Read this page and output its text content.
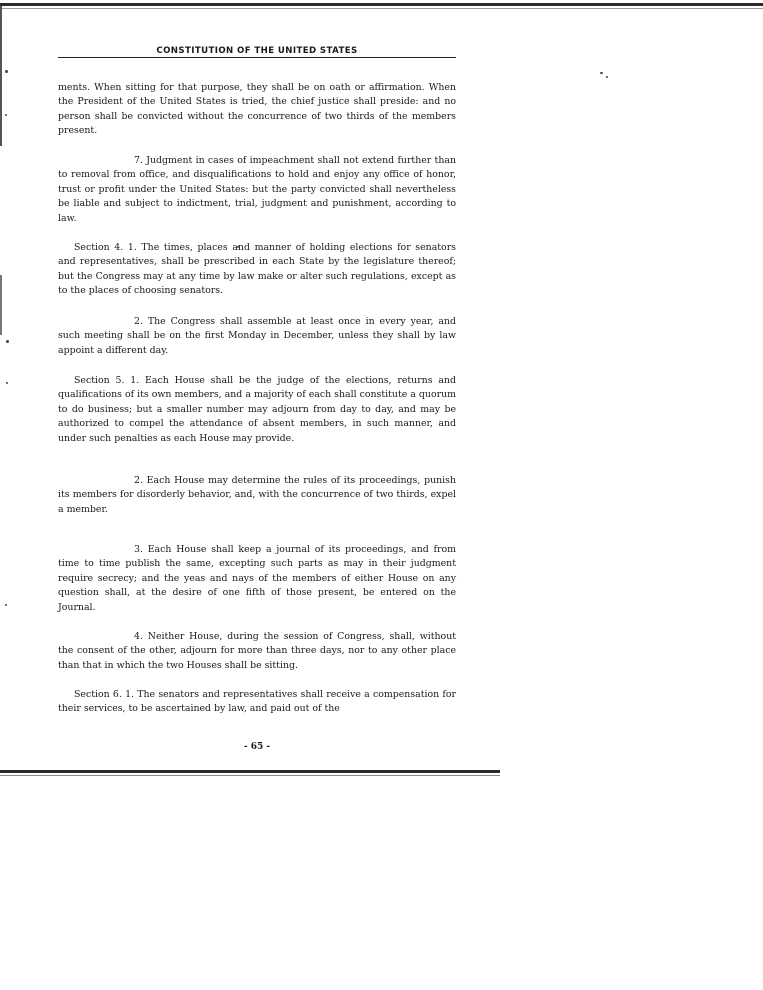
CONSTITUTION OF THE UNITED STATES

ments. When sitting for that purpose, they shall be on oath or affirmation. When the President of the United States is tried, the chief justice shall preside: and no person shall be convicted without the concurrence of two thirds of the members present.

7. Judgment in cases of impeachment shall not extend further than to removal from office, and disqualifications to hold and enjoy any office of honor, trust or profit under the United States: but the party convicted shall nevertheless be liable and subject to indictment, trial, judgment and punishment, according to law.

Section 4. 1. The times, places and manner of holding elections for senators and representatives, shall be prescribed in each State by the legislature thereof; but the Congress may at any time by law make or alter such regulations, except as to the places of choosing senators.

2. The Congress shall assemble at least once in every year, and such meeting shall be on the first Monday in December, unless they shall by law appoint a different day.

Section 5. 1. Each House shall be the judge of the elections, returns and qualifications of its own members, and a majority of each shall constitute a quorum to do business; but a smaller number may adjourn from day to day, and may be authorized to compel the attendance of absent members, in such manner, and under such penalties as each House may provide.

2. Each House may determine the rules of its proceedings, punish its members for disorderly behavior, and, with the concurrence of two thirds, expel a member.

3. Each House shall keep a journal of its proceedings, and from time to time publish the same, excepting such parts as may in their judgment require secrecy; and the yeas and nays of the members of either House on any question shall, at the desire of one fifth of those present, be entered on the Journal.

4. Neither House, during the session of Congress, shall, without the consent of the other, adjourn for more than three days, nor to any other place than that in which the two Houses shall be sitting.

Section 6. 1. The senators and representatives shall receive a compensation for their services, to be ascertained by law, and paid out of the

- 65 -
